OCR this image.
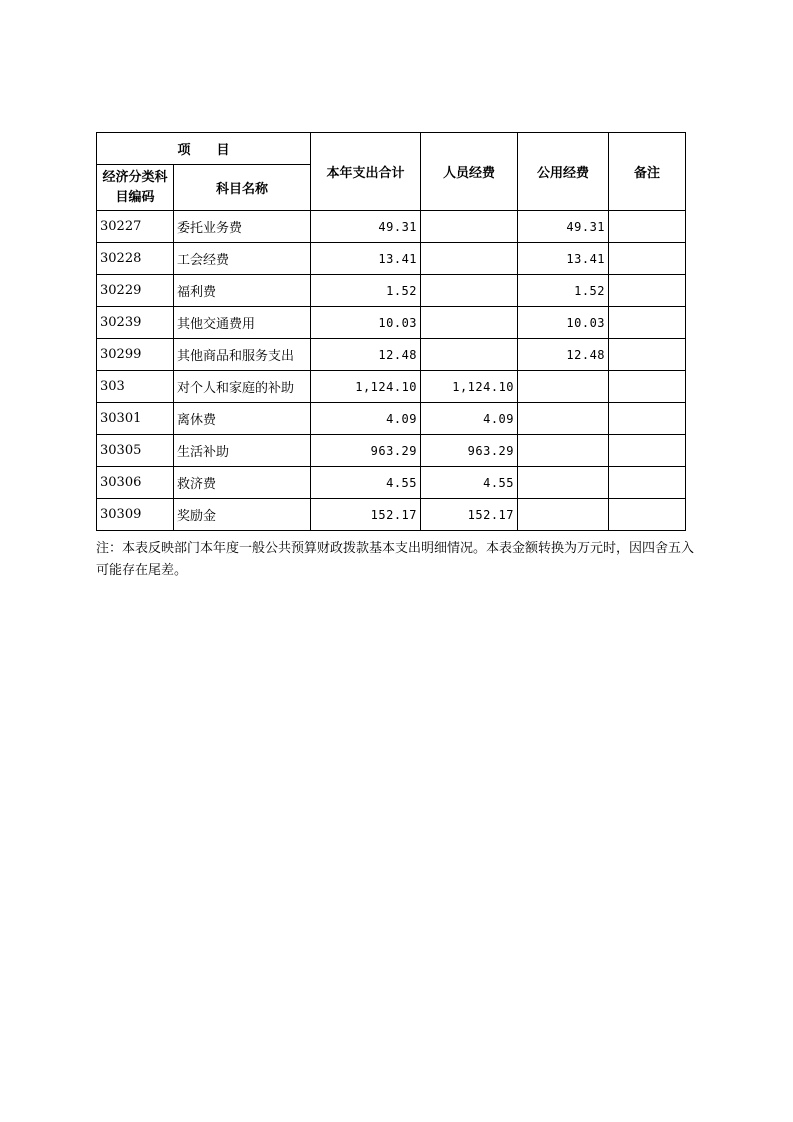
项　　目		本年支出合计	人员经费	公用经费	备注
经济分类科目编码	科目名称				
30227	委托业务费	49.31		49.31	
30228	工会经费	13.41		13.41	
30229	福利费	1.52		1.52	
30239	其他交通费用	10.03		10.03	
30299	其他商品和服务支出	12.48		12.48	
303	对个人和家庭的补助	1,124.10	1,124.10		
30301	离休费	4.09	4.09		
30305	生活补助	963.29	963.29		
30306	救济费	4.55	4.55		
30309	奖励金	152.17	152.17		

注：本表反映部门本年度一般公共预算财政拨款基本支出明细情况。本表金额转换为万元时，因四舍五入可能存在尾差。
